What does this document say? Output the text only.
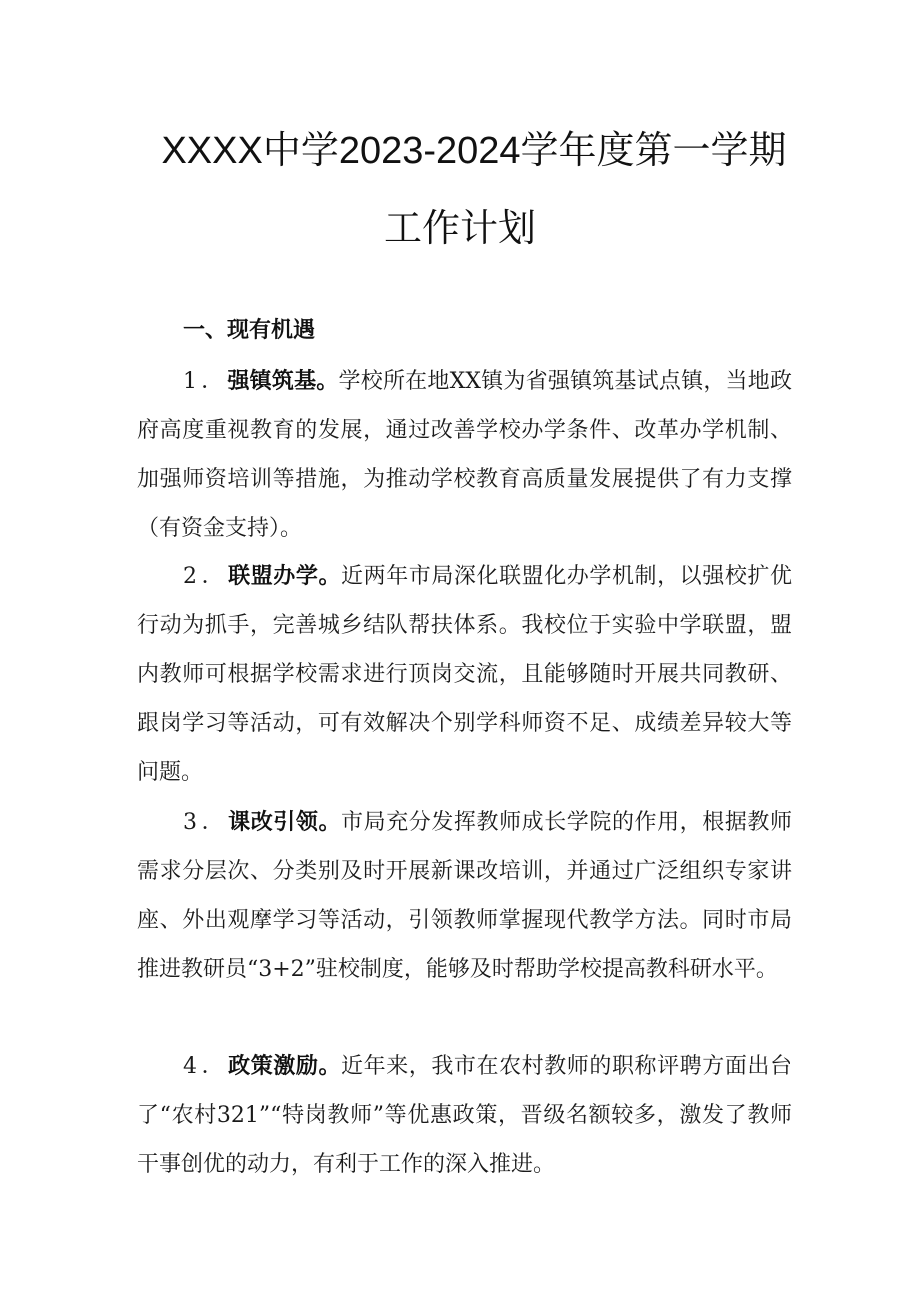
XXXX中学2023-2024学年度第一学期
工作计划
一、现有机遇

1．强镇筑基。学校所在地XX镇为省强镇筑基试点镇，当地政府高度重视教育的发展，通过改善学校办学条件、改革办学机制、加强师资培训等措施，为推动学校教育高质量发展提供了有力支撑（有资金支持）。

2．联盟办学。近两年市局深化联盟化办学机制，以强校扩优行动为抓手，完善城乡结队帮扶体系。我校位于实验中学联盟，盟内教师可根据学校需求进行顶岗交流，且能够随时开展共同教研、跟岗学习等活动，可有效解决个别学科师资不足、成绩差异较大等问题。

3．课改引领。市局充分发挥教师成长学院的作用，根据教师需求分层次、分类别及时开展新课改培训，并通过广泛组织专家讲座、外出观摩学习等活动，引领教师掌握现代教学方法。同时市局推进教研员“3+2”驻校制度，能够及时帮助学校提高教科研水平。

4．政策激励。近年来，我市在农村教师的职称评聘方面出台了“农村321”“特岗教师”等优惠政策，晋级名额较多，激发了教师干事创优的动力，有利于工作的深入推进。
